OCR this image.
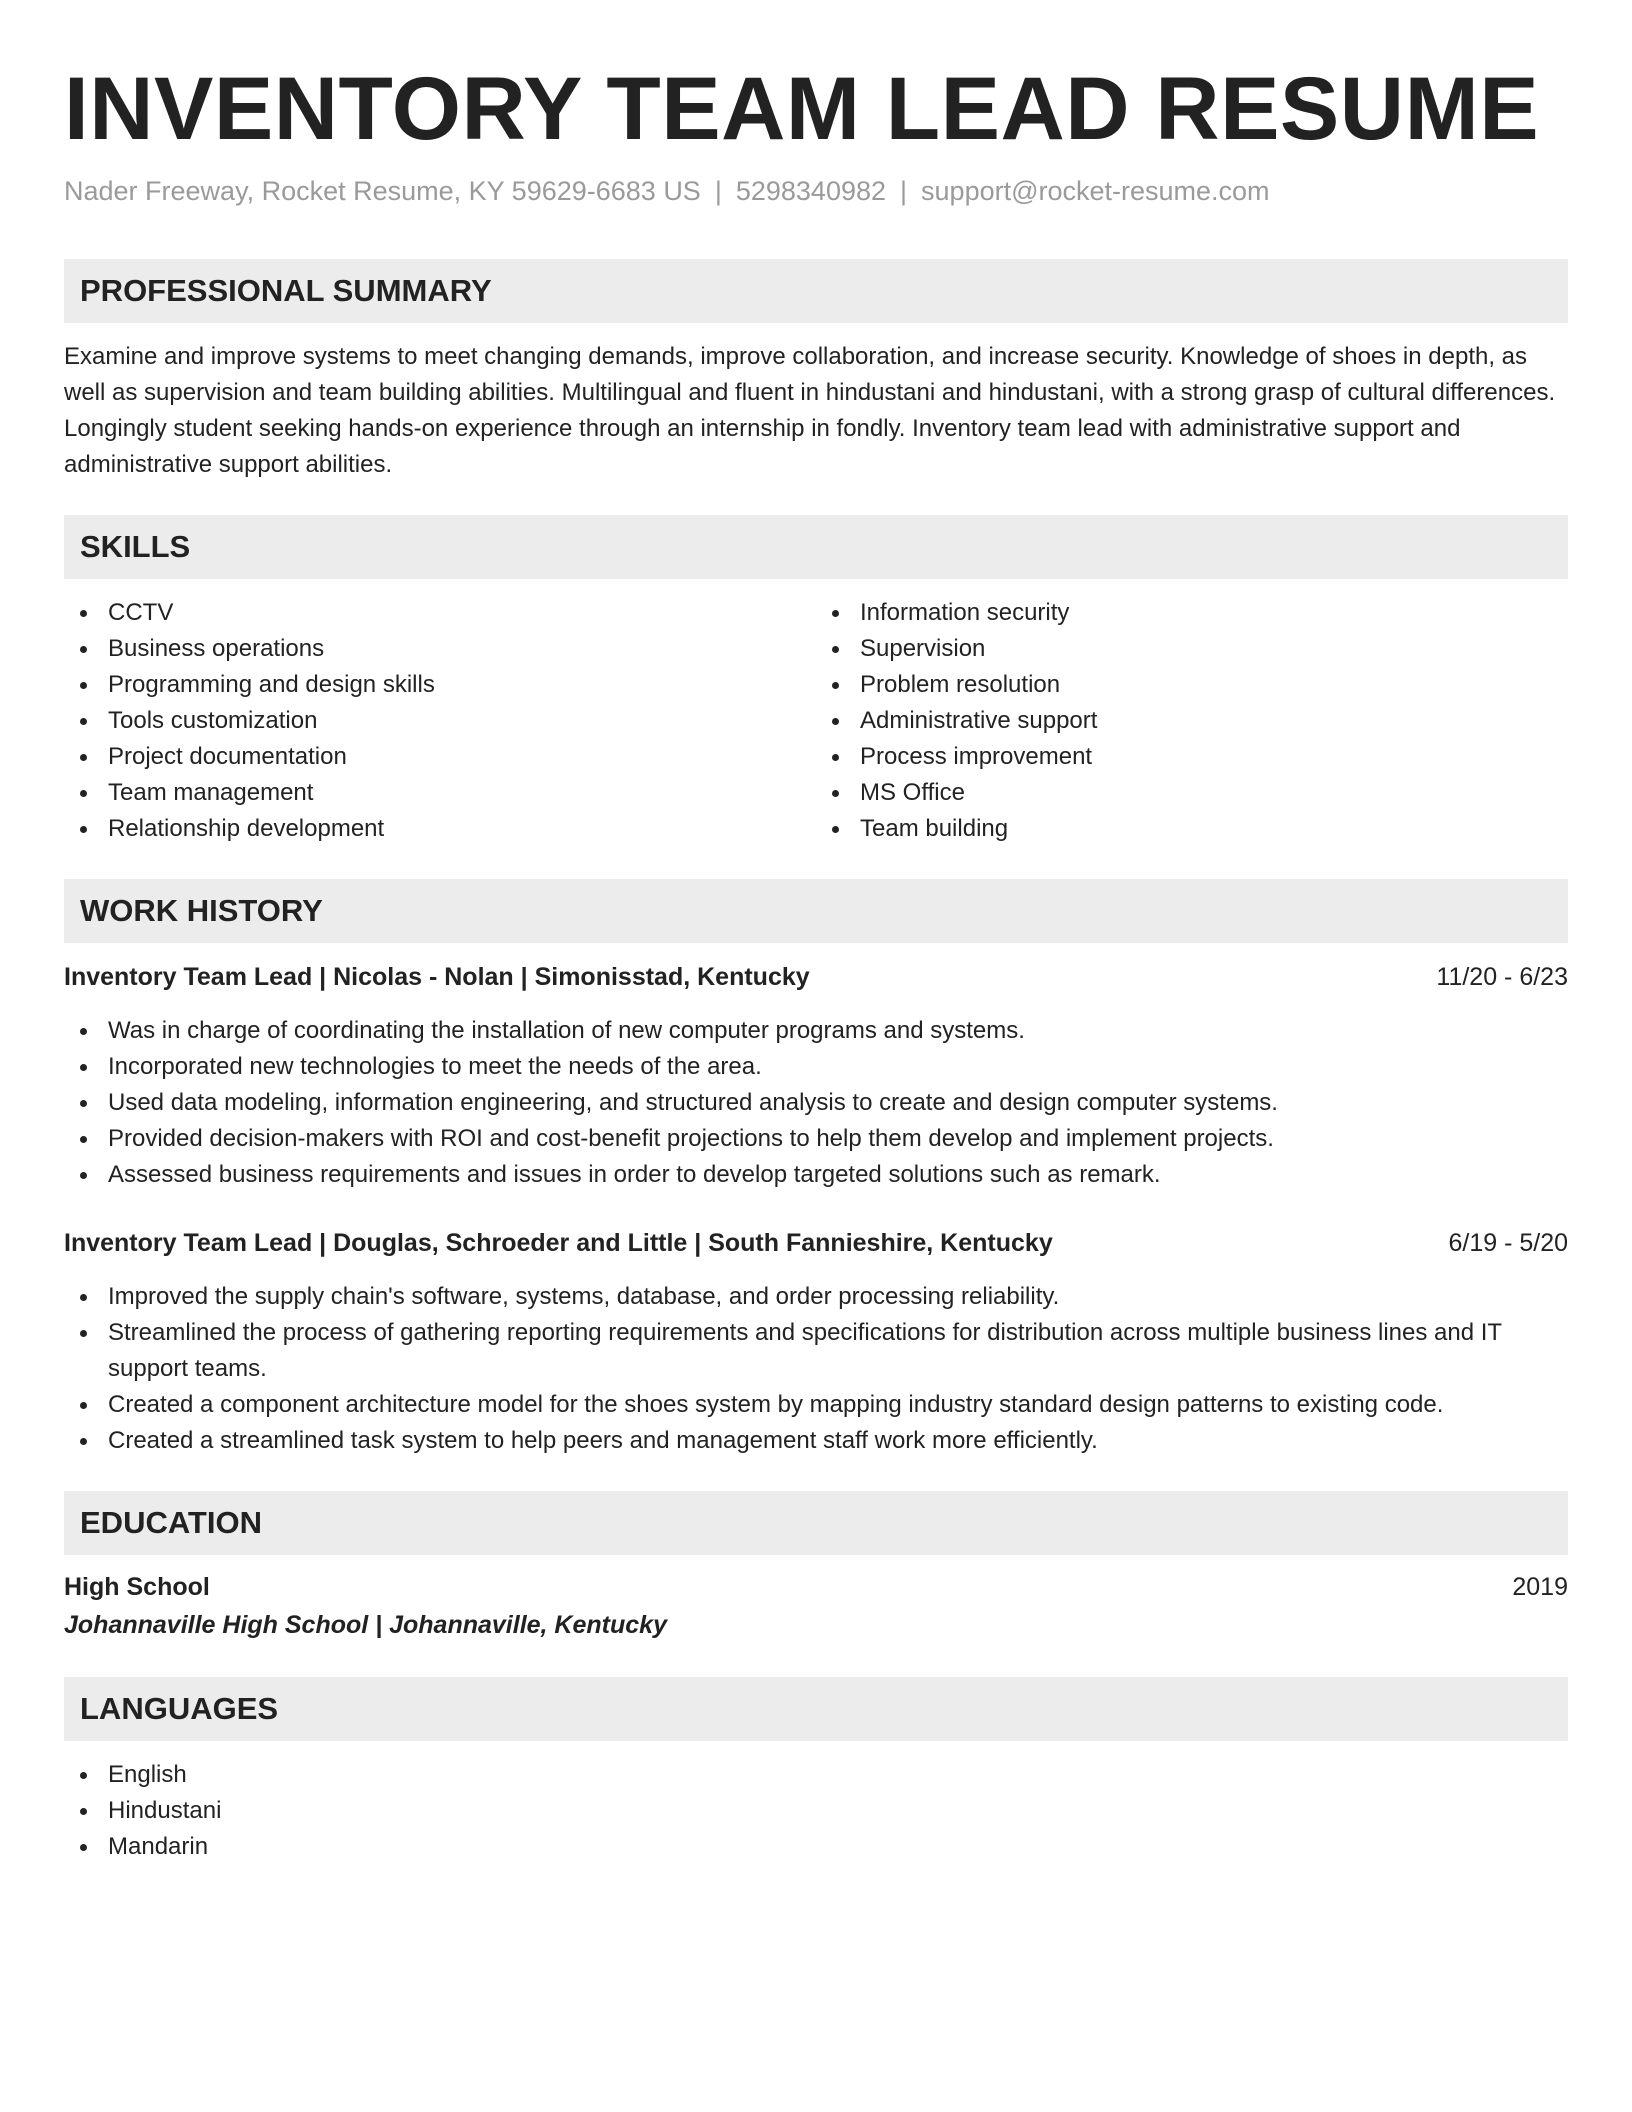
INVENTORY TEAM LEAD RESUME
Nader Freeway, Rocket Resume, KY 59629-6683 US | 5298340982 | support@rocket-resume.com
PROFESSIONAL SUMMARY

Examine and improve systems to meet changing demands, improve collaboration, and increase security. Knowledge of shoes in depth, as well as supervision and team building abilities. Multilingual and fluent in hindustani and hindustani, with a strong grasp of cultural differences. Longingly student seeking hands-on experience through an internship in fondly. Inventory team lead with administrative support and administrative support abilities.

SKILLS
CCTV
Business operations
Programming and design skills
Tools customization
Project documentation
Team management
Relationship development
Information security
Supervision
Problem resolution
Administrative support
Process improvement
MS Office
Team building
WORK HISTORY
Inventory Team Lead | Nicolas - Nolan | Simonisstad, Kentucky	11/20 - 6/23
Was in charge of coordinating the installation of new computer programs and systems.
Incorporated new technologies to meet the needs of the area.
Used data modeling, information engineering, and structured analysis to create and design computer systems.
Provided decision-makers with ROI and cost-benefit projections to help them develop and implement projects.
Assessed business requirements and issues in order to develop targeted solutions such as remark.
Inventory Team Lead | Douglas, Schroeder and Little | South Fannieshire, Kentucky	6/19 - 5/20
Improved the supply chain's software, systems, database, and order processing reliability.
Streamlined the process of gathering reporting requirements and specifications for distribution across multiple business lines and IT support teams.
Created a component architecture model for the shoes system by mapping industry standard design patterns to existing code.
Created a streamlined task system to help peers and management staff work more efficiently.
EDUCATION
High School	2019
Johannaville High School | Johannaville, Kentucky
LANGUAGES
English
Hindustani
Mandarin
